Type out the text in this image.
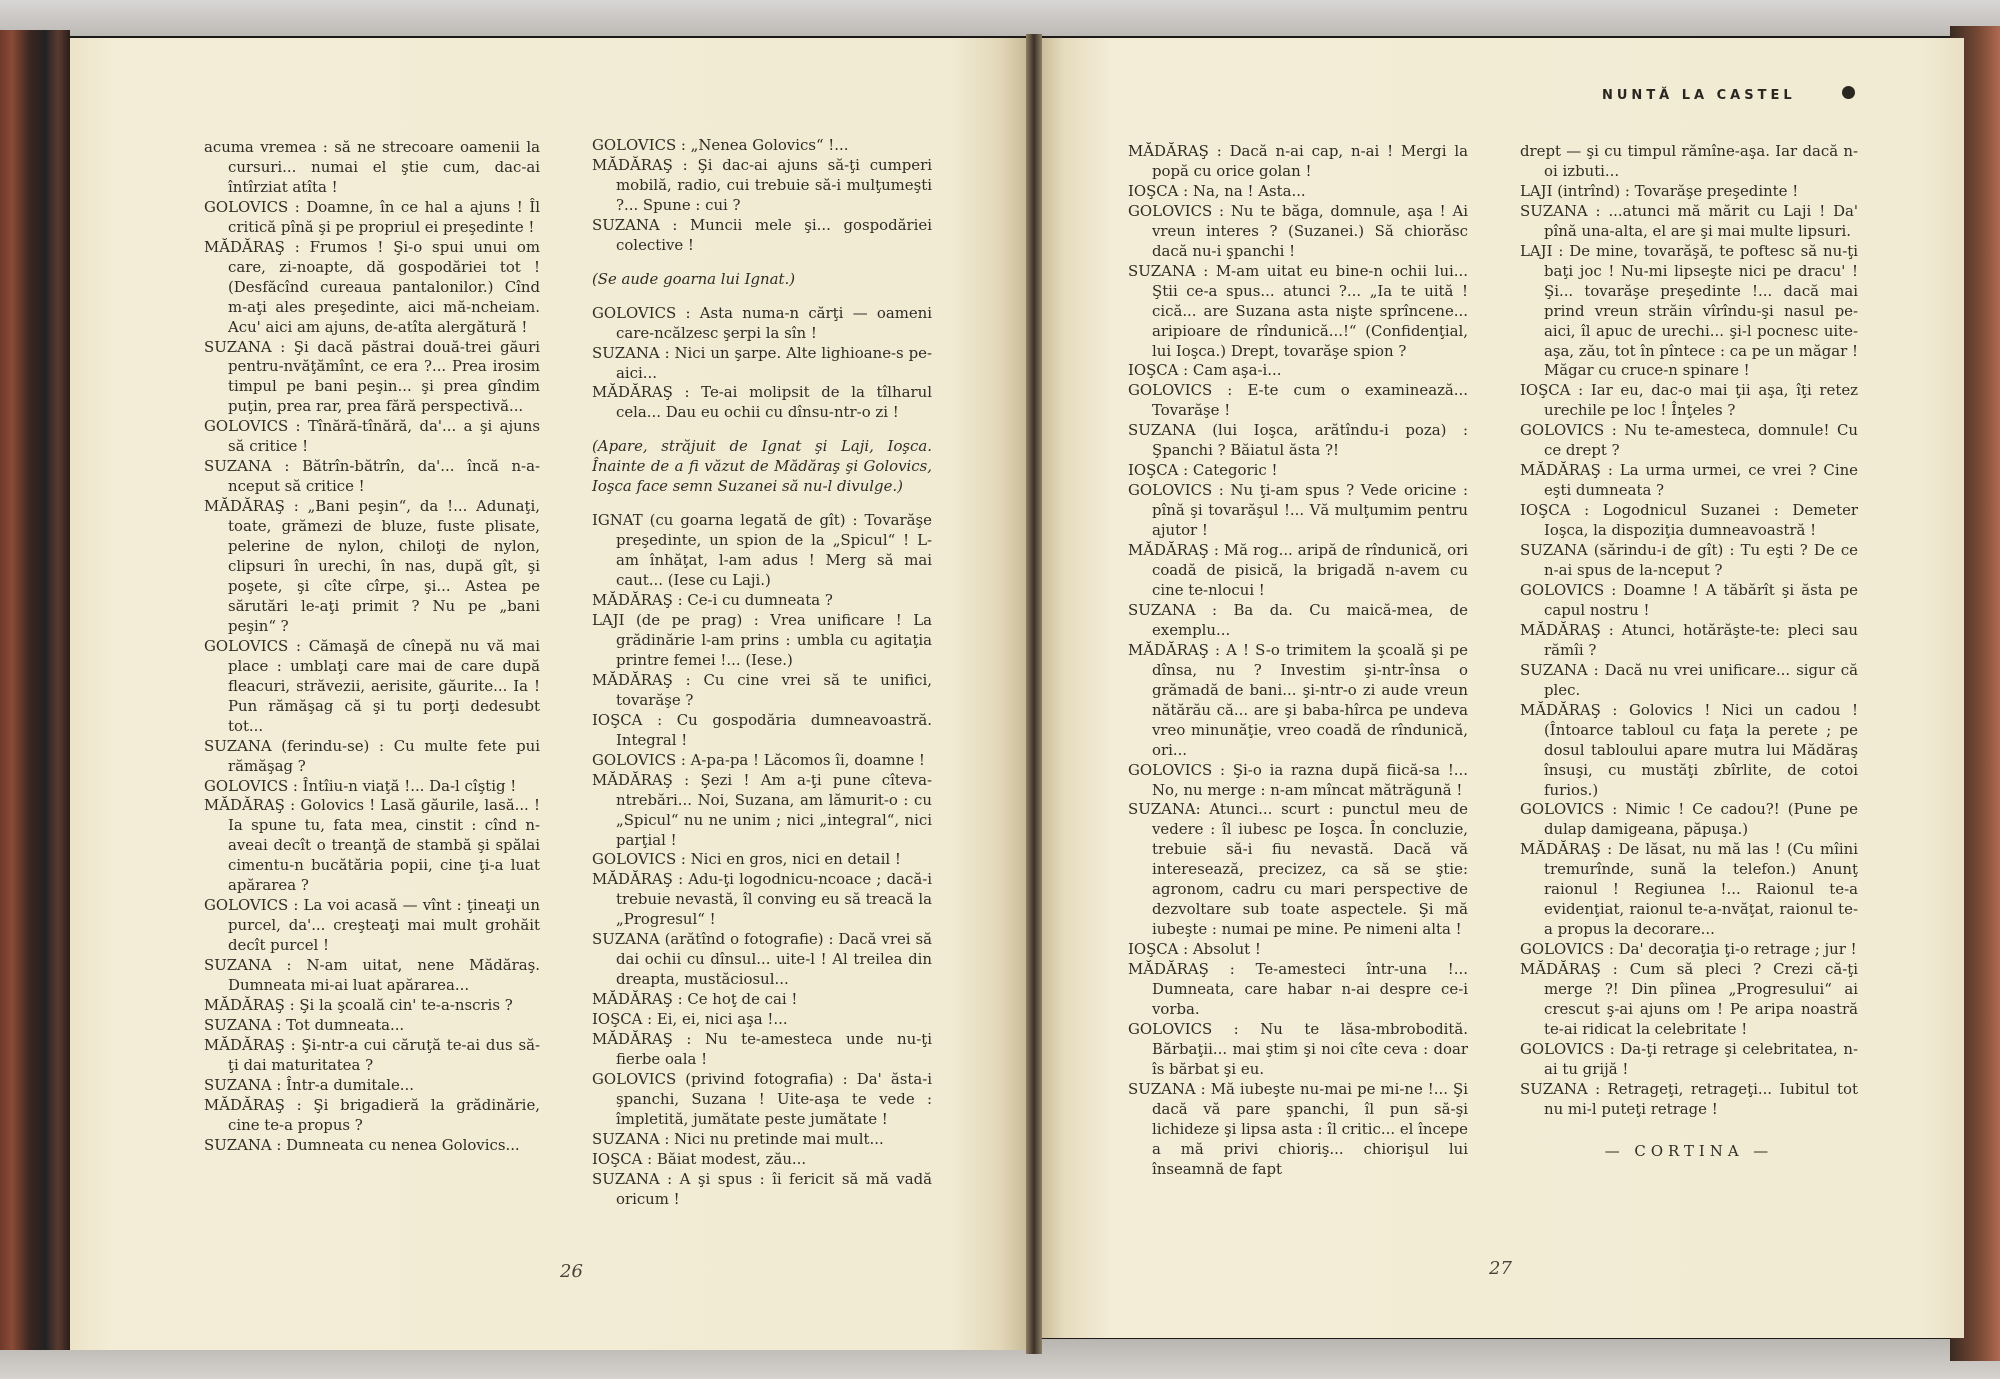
NUNTĂ LA CASTEL

acuma vremea : să ne strecoare oamenii la cursuri... numai el ştie cum, dac-ai întîrziat atîta !

GOLOVICS : Doamne, în ce hal a ajuns ! Îl critică pînă şi pe propriul ei preşedinte !

MĂDĂRAŞ : Frumos ! Şi-o spui unui om care, zi-noapte, dă gospodăriei tot ! (Desfăcînd cureaua pantalonilor.) Cînd m-aţi ales preşedinte, aici mă-ncheiam. Acu' aici am ajuns, de-atîta alergătură !

SUZANA : Şi dacă păstrai două-trei găuri pentru-nvăţămînt, ce era ?... Prea irosim timpul pe bani peşin... şi prea gîndim puţin, prea rar, prea fără perspectivă...

GOLOVICS : Tînără-tînără, da'... a şi ajuns să critice !

SUZANA : Bătrîn-bătrîn, da'... încă n-a-nceput să critice !

MĂDĂRAŞ : „Bani peşin“, da !... Adunaţi, toate, grămezi de bluze, fuste plisate, pelerine de nylon, chiloţi de nylon, clipsuri în urechi, în nas, după gît, şi poşete, şi cîte cîrpe, şi... Astea pe sărutări le-aţi primit ? Nu pe „bani peşin“ ?

GOLOVICS : Cămaşă de cînepă nu vă mai place : umblaţi care mai de care după fleacuri, străvezii, aerisite, găurite... Ia ! Pun rămăşag că şi tu porţi dedesubt tot...

SUZANA (ferindu-se) : Cu multe fete pui rămăşag ?

GOLOVICS : Întîiu-n viaţă !... Da-l cîştig !

MĂDĂRAŞ : Golovics ! Lasă găurile, lasă... ! Ia spune tu, fata mea, cinstit : cînd n-aveai decît o treanţă de stambă şi spălai cimentu-n bucătăria popii, cine ţi-a luat apărarea ?

GOLOVICS : La voi acasă — vînt : ţineaţi un purcel, da'... creşteaţi mai mult grohăit decît purcel !

SUZANA : N-am uitat, nene Mădăraş. Dumneata mi-ai luat apărarea...

MĂDĂRAŞ : Şi la şcoală cin' te-a-nscris ?

SUZANA : Tot dumneata...

MĂDĂRAŞ : Şi-ntr-a cui căruţă te-ai dus să-ţi dai maturitatea ?

SUZANA : Într-a dumitale...

MĂDĂRAŞ : Şi brigadieră la grădinărie, cine te-a propus ?

SUZANA : Dumneata cu nenea Golovics...

GOLOVICS : „Nenea Golovics“ !...

MĂDĂRAŞ : Şi dac-ai ajuns să-ţi cumperi mobilă, radio, cui trebuie să-i mulţumeşti ?... Spune : cui ?

SUZANA : Muncii mele şi... gospodăriei colective !

(Se aude goarna lui Ignat.)

GOLOVICS : Asta numa-n cărţi — oameni care-ncălzesc şerpi la sîn !

SUZANA : Nici un şarpe. Alte lighioane-s pe-aici...

MĂDĂRAŞ : Te-ai molipsit de la tîlharul cela... Dau eu ochii cu dînsu-ntr-o zi !

(Apare, străjuit de Ignat şi Laji, Ioşca. Înainte de a fi văzut de Mădăraş şi Golovics, Ioşca face semn Suzanei să nu-l divulge.)

IGNAT (cu goarna legată de gît) : Tovarăşe preşedinte, un spion de la „Spicul“ ! L-am înhăţat, l-am adus ! Merg să mai caut... (Iese cu Laji.)

MĂDĂRAŞ : Ce-i cu dumneata ?

LAJI (de pe prag) : Vrea unificare ! La grădinărie l-am prins : umbla cu agitaţia printre femei !... (Iese.)

MĂDĂRAŞ : Cu cine vrei să te unifici, tovarăşe ?

IOŞCA : Cu gospodăria dumneavoastră. Integral !

GOLOVICS : A-pa-pa ! Lăcomos îi, doamne !

MĂDĂRAŞ : Şezi ! Am a-ţi pune cîteva-ntrebări... Noi, Suzana, am lămurit-o : cu „Spicul“ nu ne unim ; nici „integral“, nici parţial !

GOLOVICS : Nici en gros, nici en detail !

MĂDĂRAŞ : Adu-ţi logodnicu-ncoace ; dacă-i trebuie nevastă, îl conving eu să treacă la „Progresul“ !

SUZANA (arătînd o fotografie) : Dacă vrei să dai ochii cu dînsul... uite-l ! Al treilea din dreapta, mustăciosul...

MĂDĂRAŞ : Ce hoţ de cai !

IOŞCA : Ei, ei, nici aşa !...

MĂDĂRAŞ : Nu te-amesteca unde nu-ţi fierbe oala !

GOLOVICS (privind fotografia) : Da' ăsta-i şpanchi, Suzana ! Uite-aşa te vede : împletită, jumătate peste jumătate !

SUZANA : Nici nu pretinde mai mult...

IOŞCA : Băiat modest, zău...

SUZANA : A şi spus : îi fericit să mă vadă oricum !

MĂDĂRAŞ : Dacă n-ai cap, n-ai ! Mergi la popă cu orice golan !

IOŞCA : Na, na ! Asta...

GOLOVICS : Nu te băga, domnule, aşa ! Ai vreun interes ? (Suzanei.) Să chiorăsc dacă nu-i şpanchi !

SUZANA : M-am uitat eu bine-n ochii lui... Ştii ce-a spus... atunci ?... „Ia te uită ! cică... are Suzana asta nişte sprîncene... aripioare de rîndunică...!“ (Confidenţial, lui Ioşca.) Drept, tovarăşe spion ?

IOŞCA : Cam aşa-i...

GOLOVICS : E-te cum o examinează... Tovarăşe !

SUZANA (lui Ioşca, arătîndu-i poza) : Şpanchi ? Băiatul ăsta ?!

IOŞCA : Categoric !

GOLOVICS : Nu ţi-am spus ? Vede oricine : pînă şi tovarăşul !... Vă mulţumim pentru ajutor !

MĂDĂRAŞ : Mă rog... aripă de rîndunică, ori coadă de pisică, la brigadă n-avem cu cine te-nlocui !

SUZANA : Ba da. Cu maică-mea, de exemplu...

MĂDĂRAŞ : A ! S-o trimitem la şcoală şi pe dînsa, nu ? Investim şi-ntr-însa o grămadă de bani... şi-ntr-o zi aude vreun nătărău că... are şi baba-hîrca pe undeva vreo minunăţie, vreo coadă de rîndunică, ori...

GOLOVICS : Şi-o ia razna după fiică-sa !... No, nu merge : n-am mîncat mătrăgună !

SUZANA: Atunci... scurt : punctul meu de vedere : îl iubesc pe Ioşca. În concluzie, trebuie să-i fiu nevastă. Dacă vă interesează, precizez, ca să se ştie: agronom, cadru cu mari perspective de dezvoltare sub toate aspectele. Şi mă iubeşte : numai pe mine. Pe nimeni alta !

IOŞCA : Absolut !

MĂDĂRAŞ : Te-amesteci într-una !... Dumneata, care habar n-ai despre ce-i vorba.

GOLOVICS : Nu te lăsa-mbrobodită. Bărbaţii... mai ştim şi noi cîte ceva : doar îs bărbat şi eu.

SUZANA : Mă iubeşte nu-mai pe mi-ne !... Şi dacă vă pare şpanchi, îl pun să-şi lichideze şi lipsa asta : îl critic... el începe a mă privi chioriş... chiorişul lui înseamnă de fapt

drept — şi cu timpul rămîne-aşa. Iar dacă n-oi izbuti...

LAJI (intrînd) : Tovarăşe preşedinte !

SUZANA : ...atunci mă mărit cu Laji ! Da' pînă una-alta, el are şi mai multe lipsuri.

LAJI : De mine, tovarăşă, te poftesc să nu-ţi baţi joc ! Nu-mi lipseşte nici pe dracu' ! Şi... tovarăşe preşedinte !... dacă mai prind vreun străin vîrîndu-şi nasul pe-aici, îl apuc de urechi... şi-l pocnesc uite-aşa, zău, tot în pîntece : ca pe un măgar ! Măgar cu cruce-n spinare !

IOŞCA : Iar eu, dac-o mai ţii aşa, îţi retez urechile pe loc ! Înţeles ?

GOLOVICS : Nu te-amesteca, domnule! Cu ce drept ?

MĂDĂRAŞ : La urma urmei, ce vrei ? Cine eşti dumneata ?

IOŞCA : Logodnicul Suzanei : Demeter Ioşca, la dispoziţia dumneavoastră !

SUZANA (sărindu-i de gît) : Tu eşti ? De ce n-ai spus de la-nceput ?

GOLOVICS : Doamne ! A tăbărît şi ăsta pe capul nostru !

MĂDĂRAŞ : Atunci, hotărăşte-te: pleci sau rămîi ?

SUZANA : Dacă nu vrei unificare... sigur că plec.

MĂDĂRAŞ : Golovics ! Nici un cadou ! (Întoarce tabloul cu faţa la perete ; pe dosul tabloului apare mutra lui Mădăraş însuşi, cu mustăţi zbîrlite, de cotoi furios.)

GOLOVICS : Nimic ! Ce cadou?! (Pune pe dulap damigeana, păpuşa.)

MĂDĂRAŞ : De lăsat, nu mă las ! (Cu mîini tremurînde, sună la telefon.) Anunţ raionul ! Regiunea !... Raionul te-a evidenţiat, raionul te-a-nvăţat, raionul te-a propus la decorare...

GOLOVICS : Da' decoraţia ţi-o retrage ; jur !

MĂDĂRAŞ : Cum să pleci ? Crezi că-ţi merge ?! Din pîinea „Progresului“ ai crescut ş-ai ajuns om ! Pe aripa noastră te-ai ridicat la celebritate !

GOLOVICS : Da-ţi retrage şi celebritatea, n-ai tu grijă !

SUZANA : Retrageţi, retrageţi... Iubitul tot nu mi-l puteţi retrage !

— CORTINA —

26	27
